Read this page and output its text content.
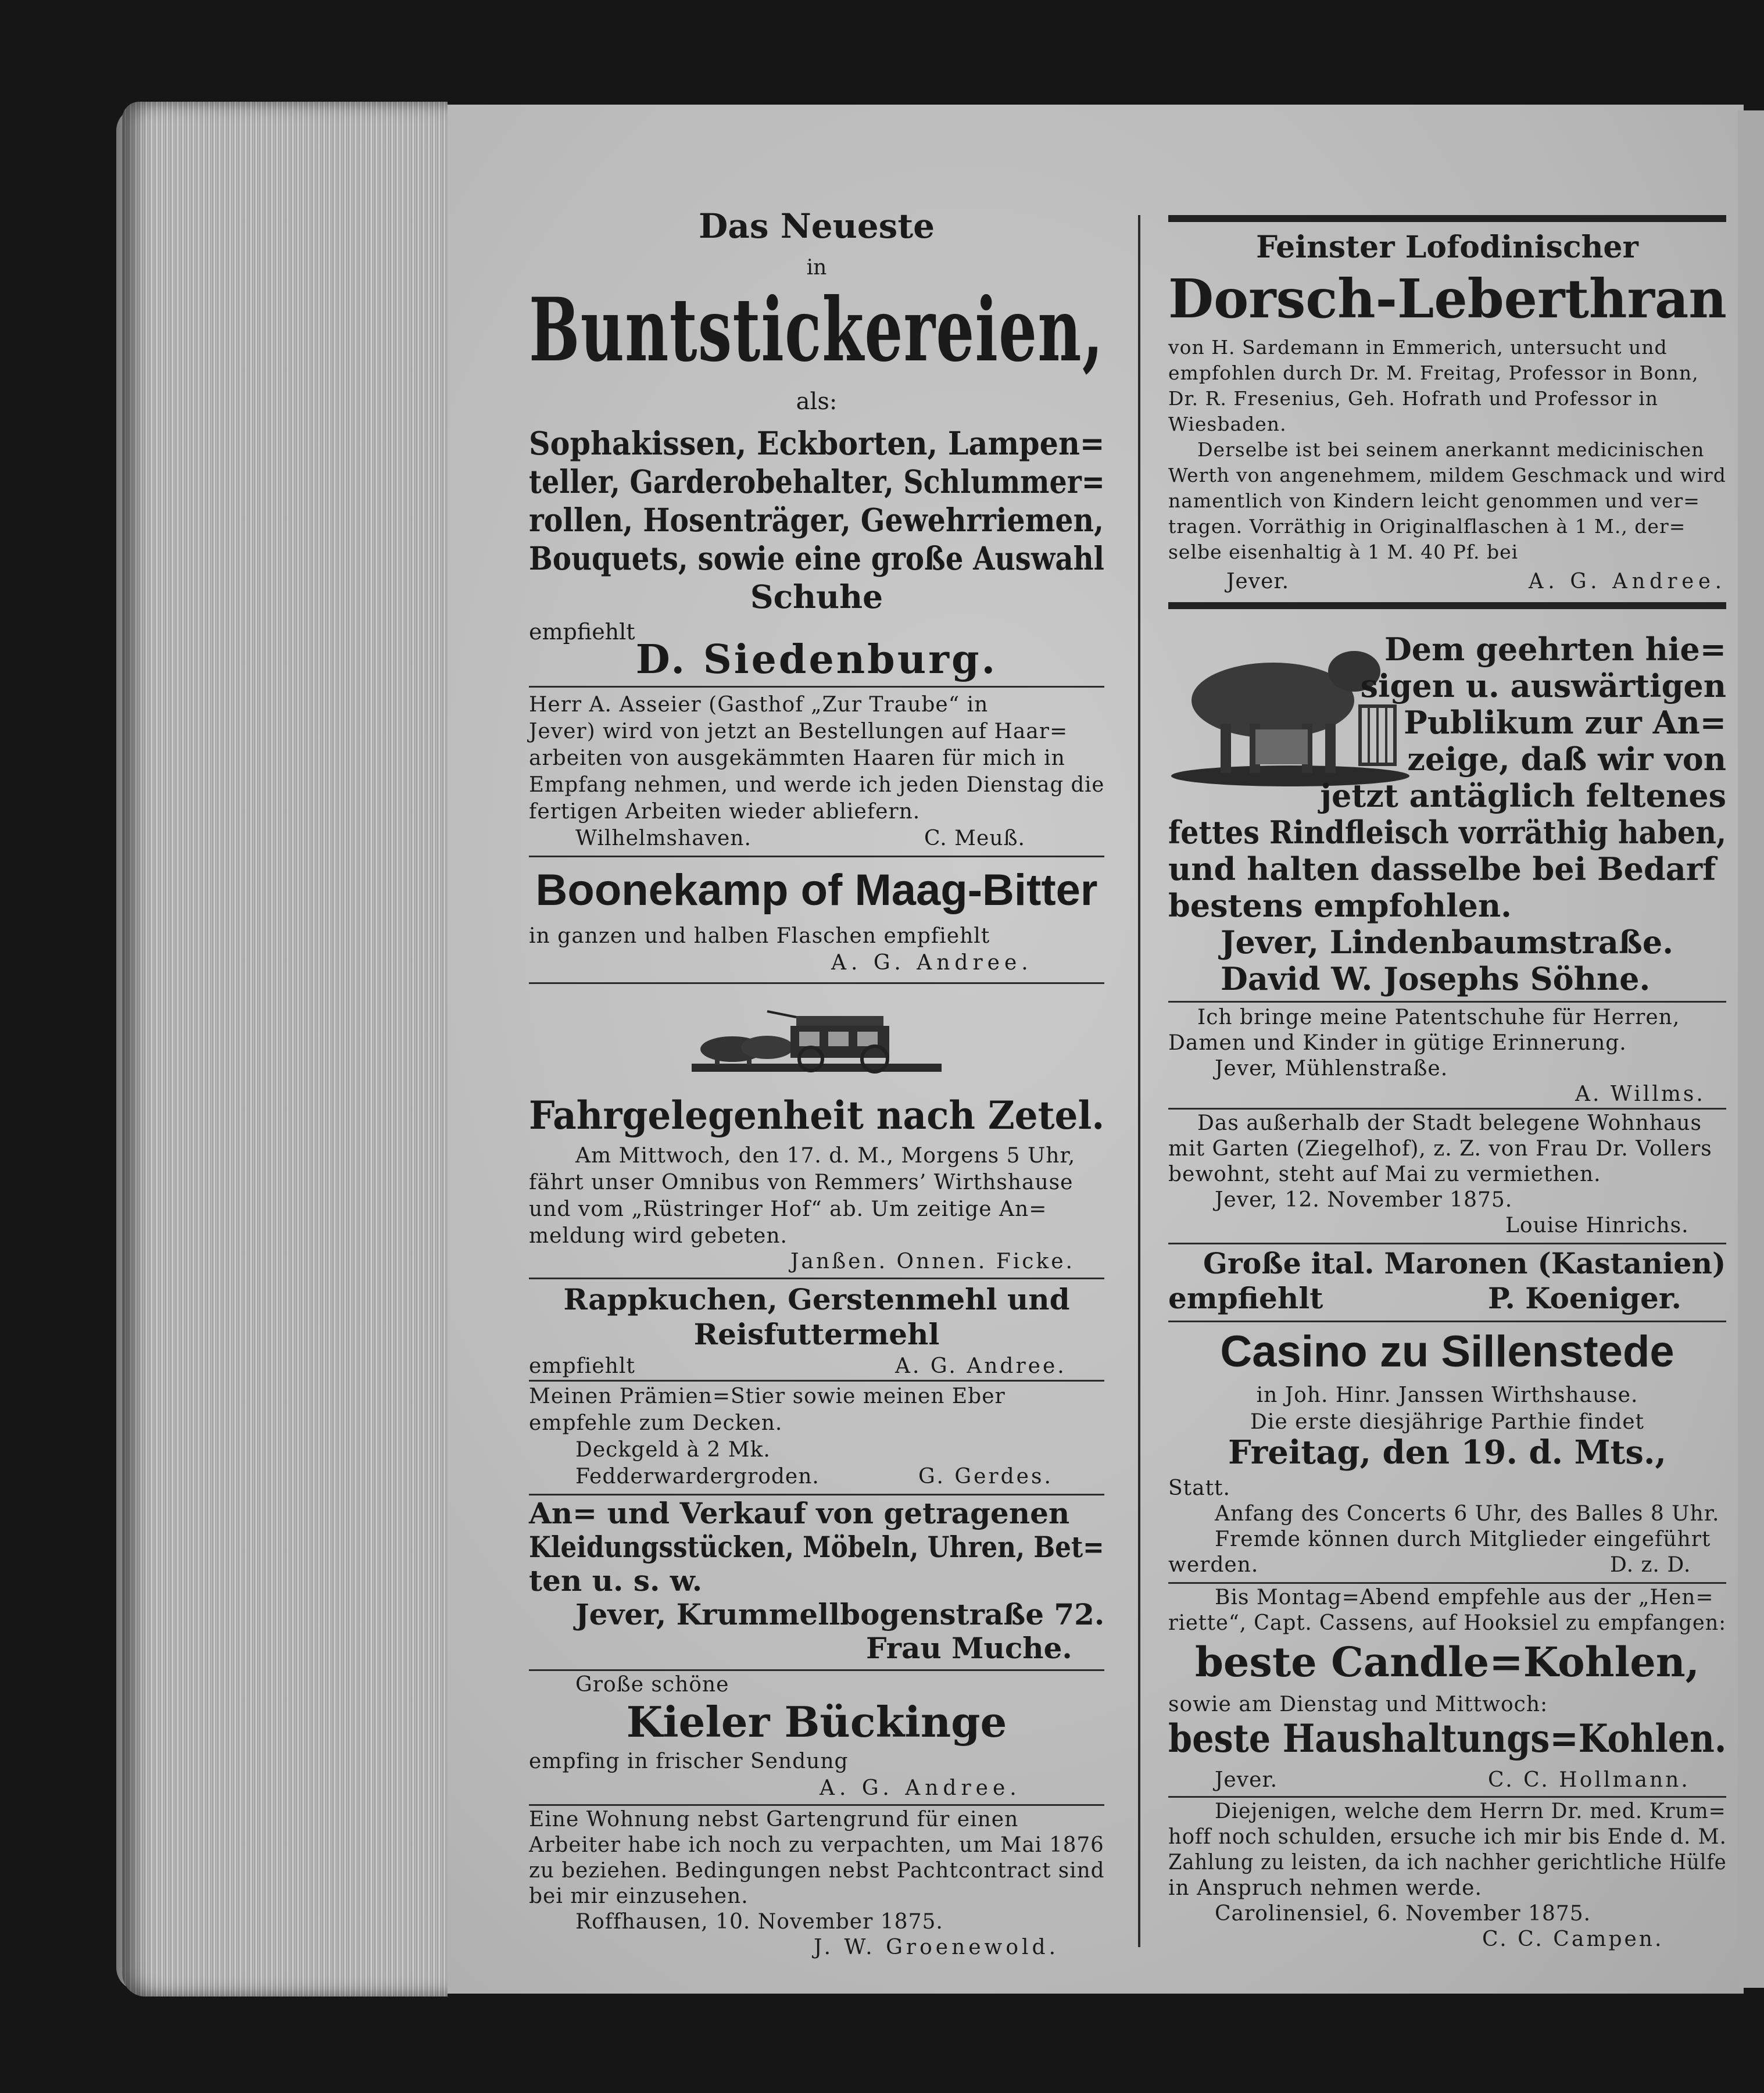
Das Neueste
in
Buntstickereien,
als:
Sophakissen, Eckborten, Lampen=
teller, Garderobehalter, Schlummer=
rollen, Hosenträger, Gewehrriemen,
Bouquets, sowie eine große Auswahl
Schuhe
empfiehlt
D. Siedenburg.
Herr A. Asseier (Gasthof „Zur Traube“ in
Jever) wird von jetzt an Bestellungen auf Haar=
arbeiten von ausgekämmten Haaren für mich in
Empfang nehmen, und werde ich jeden Dienstag die
fertigen Arbeiten wieder abliefern.
Wilhelmshaven.	C. Meuß.
Boonekamp of Maag-Bitter
in ganzen und halben Flaschen empfiehlt
A. G. Andree.
Fahrgelegenheit nach Zetel.
Am Mittwoch, den 17. d. M., Morgens 5 Uhr,
fährt unser Omnibus von Remmers’ Wirthshause
und vom „Rüstringer Hof“ ab. Um zeitige An=
meldung wird gebeten.
Janßen. Onnen. Ficke.
Rappkuchen, Gerstenmehl und
Reisfuttermehl
empfiehlt	A. G. Andree.
Meinen Prämien=Stier sowie meinen Eber
empfehle zum Decken.
Deckgeld à 2 Mk.
Fedderwardergroden.	G. Gerdes.
An= und Verkauf von getragenen
Kleidungsstücken, Möbeln, Uhren, Bet=
ten u. s. w.
Jever, Krummellbogenstraße 72.
Frau Muche.
Große schöne
Kieler Bückinge
empfing in frischer Sendung
A. G. Andree.
Eine Wohnung nebst Gartengrund für einen
Arbeiter habe ich noch zu verpachten, um Mai 1876
zu beziehen. Bedingungen nebst Pachtcontract sind
bei mir einzusehen.
Roffhausen, 10. November 1875.
J. W. Groenewold.
Feinster Lofodinischer
Dorsch-Leberthran
von H. Sardemann in Emmerich, untersucht und
empfohlen durch Dr. M. Freitag, Professor in Bonn,
Dr. R. Fresenius, Geh. Hofrath und Professor in
Wiesbaden.
Derselbe ist bei seinem anerkannt medicinischen
Werth von angenehmem, mildem Geschmack und wird
namentlich von Kindern leicht genommen und ver=
tragen. Vorräthig in Originalflaschen à 1 M., der=
selbe eisenhaltig à 1 M. 40 Pf. bei
Jever.	A. G. Andree.
Dem geehrten hie=
sigen u. auswärtigen
Publikum zur An=
zeige, daß wir von
jetzt antäglich feltenes
fettes Rindfleisch vorräthig haben,
und halten dasselbe bei Bedarf
bestens empfohlen.
Jever, Lindenbaumstraße.
David W. Josephs Söhne.
Ich bringe meine Patentschuhe für Herren,
Damen und Kinder in gütige Erinnerung.
Jever, Mühlenstraße.
A. Willms.
Das außerhalb der Stadt belegene Wohnhaus
mit Garten (Ziegelhof), z. Z. von Frau Dr. Vollers
bewohnt, steht auf Mai zu vermiethen.
Jever, 12. November 1875.
Louise Hinrichs.
Große ital. Maronen (Kastanien)
empfiehlt	P. Koeniger.
Casino zu Sillenstede
in Joh. Hinr. Janssen Wirthshause.
Die erste diesjährige Parthie findet
Freitag, den 19. d. Mts.,
Statt.
Anfang des Concerts 6 Uhr, des Balles 8 Uhr.
Fremde können durch Mitglieder eingeführt
werden.	D. z. D.
Bis Montag=Abend empfehle aus der „Hen=
riette“, Capt. Cassens, auf Hooksiel zu empfangen:
beste Candle=Kohlen,
sowie am Dienstag und Mittwoch:
beste Haushaltungs=Kohlen.
Jever.	C. C. Hollmann.
Diejenigen, welche dem Herrn Dr. med. Krum=
hoff noch schulden, ersuche ich mir bis Ende d. M.
Zahlung zu leisten, da ich nachher gerichtliche Hülfe
in Anspruch nehmen werde.
Carolinensiel, 6. November 1875.
C. C. Campen.
